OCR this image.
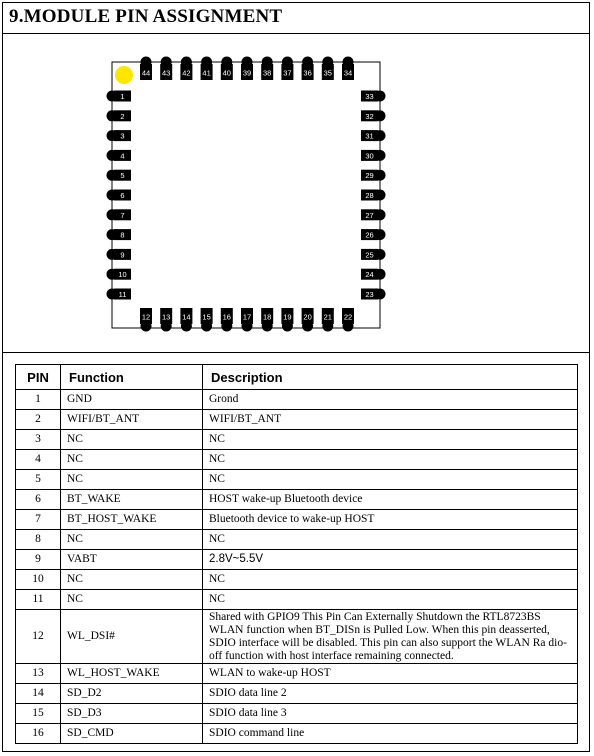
9.MODULE PIN ASSIGNMENT
44 43 42 41 40 39 38 37 36 35 34
12 13 14 15 16 17 18 19 20 21 22
1
2
3
4
5
6
7
8
9
10
11
33
32
31
30
29
28
27
26
25
24
23
PIN	Function	Description
1	GND	Grond
2	WIFI/BT_ANT	WIFI/BT_ANT
3	NC	NC
4	NC	NC
5	NC	NC
6	BT_WAKE	HOST wake-up Bluetooth device
7	BT_HOST_WAKE	Bluetooth device to wake-up HOST
8	NC	NC
9	VABT	2.8V~5.5V
10	NC	NC
11	NC	NC
12	WL_DSI#	Shared with GPIO9 This Pin Can Externally Shutdown the RTL8723BS WLAN function when BT_DISn is Pulled Low. When this pin deasserted, SDIO interface will be disabled. This pin can also support the WLAN Ra dio-off function with host interface remaining connected.
13	WL_HOST_WAKE	WLAN to wake-up HOST
14	SD_D2	SDIO data line 2
15	SD_D3	SDIO data line 3
16	SD_CMD	SDIO command line
